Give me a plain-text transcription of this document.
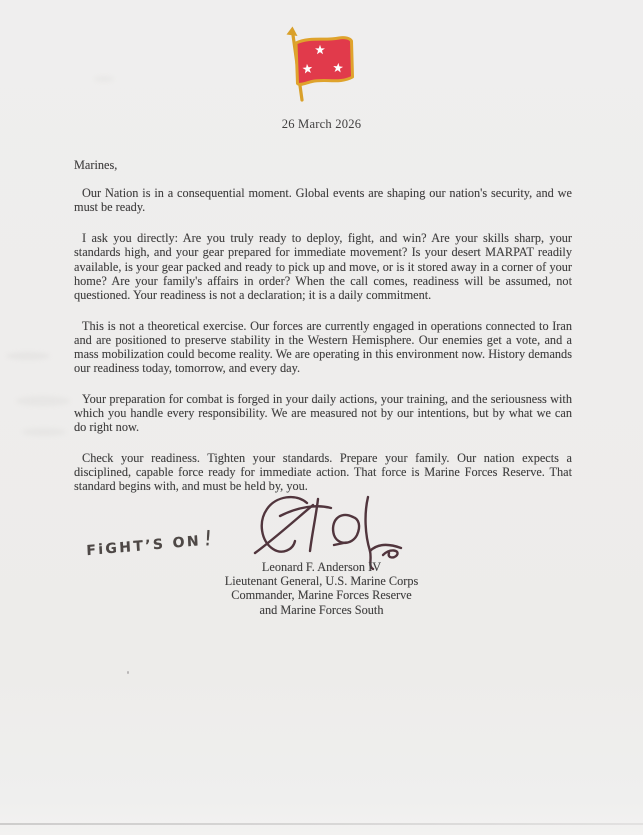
26 March 2026
Marines,

Our Nation is in a consequential moment. Global events are shaping our nation's security, and we must be ready.

I ask you directly: Are you truly ready to deploy, fight, and win? Are your skills sharp, your standards high, and your gear prepared for immediate movement? Is your desert MARPAT readily available, is your gear packed and ready to pick up and move, or is it stored away in a corner of your home? Are your family's affairs in order? When the call comes, readiness will be assumed, not questioned. Your readiness is not a declaration; it is a daily commitment.

This is not a theoretical exercise. Our forces are currently engaged in operations connected to Iran and are positioned to preserve stability in the Western Hemisphere. Our enemies get a vote, and a mass mobilization could become reality. We are operating in this environment now. History demands our readiness today, tomorrow, and every day.

Your preparation for combat is forged in your daily actions, your training, and the seriousness with which you handle every responsibility. We are measured not by our intentions, but by what we can do right now.

Check your readiness. Tighten your standards. Prepare your family. Our nation expects a disciplined, capable force ready for immediate action. That force is Marine Forces Reserve. That standard begins with, and must be held by, you.

FiGHT’S ON!
Leonard F. Anderson IV
Lieutenant General, U.S. Marine Corps
Commander, Marine Forces Reserve
and Marine Forces South
